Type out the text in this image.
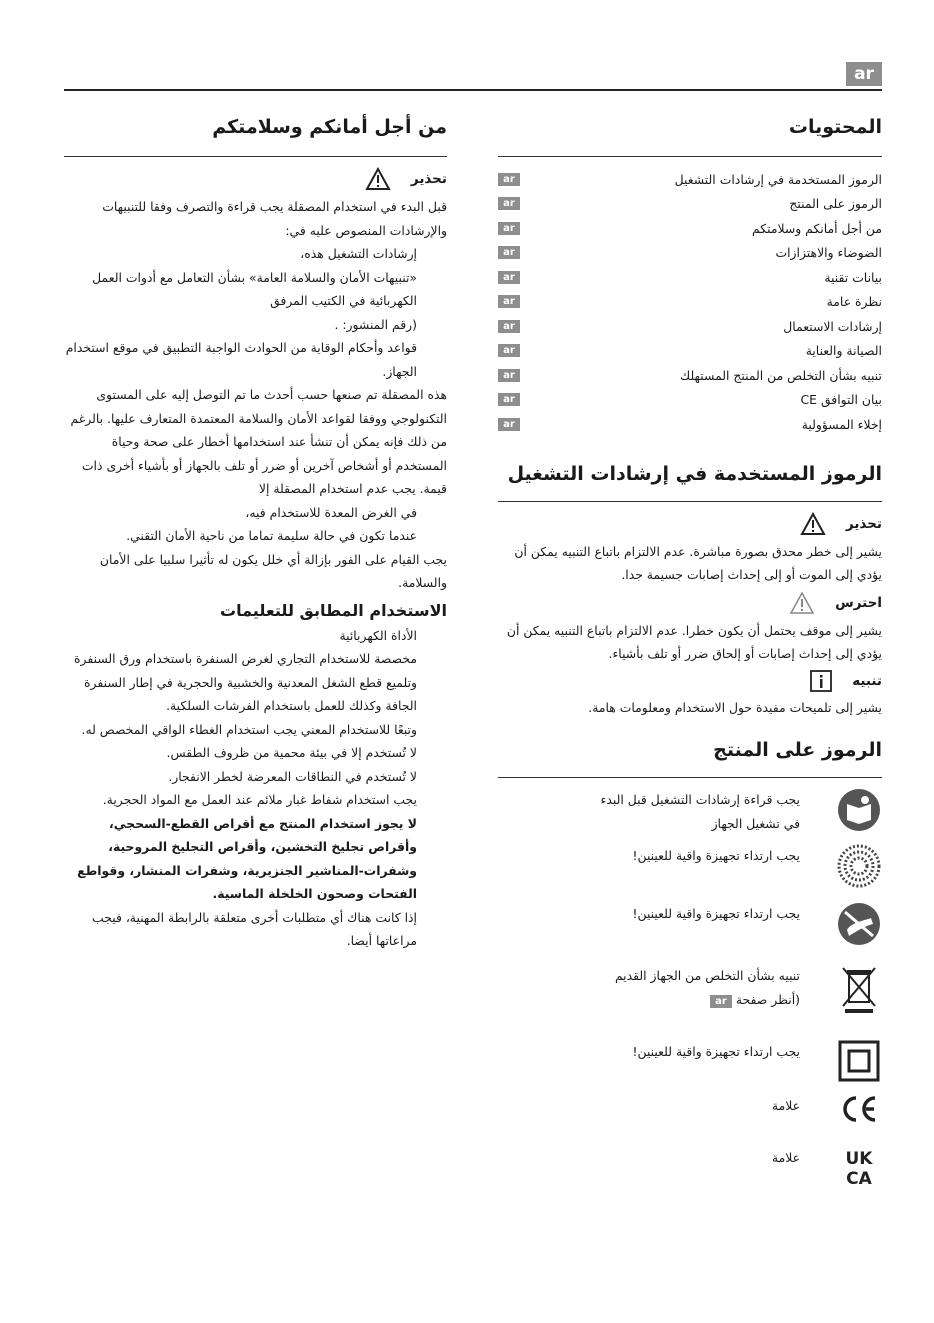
ar
المحتويات
الرموز المستخدمة في إرشادات التشغيل
ar
الرموز على المنتج
ar
من أجل أمانكم وسلامتكم
ar
الضوضاء والاهتزازات
ar
بيانات تقنية
ar
نظرة عامة
ar
إرشادات الاستعمال
ar
الصيانة والعناية
ar
تنبيه بشأن التخلص من المنتج المستهلك
ar
بيان التوافق CE
ar
إخلاء المسؤولية
ar
الرموز المستخدمة في إرشادات التشغيل
تحذير

يشير إلى خطر محدق بصورة مباشرة. عدم الالتزام باتباع التنبيه يمكن أن يؤدي إلى الموت أو إلى إحداث إصابات جسيمة جدا.

احترس

يشير إلى موقف يحتمل أن يكون خطرا. عدم الالتزام باتباع التنبيه يمكن أن يؤدي إلى إحداث إصابات أو إلحاق ضرر أو تلف بأشياء.

تنبيه

يشير إلى تلميحات مفيدة حول الاستخدام ومعلومات هامة.

الرموز على المنتج

يجب قراءة إرشادات التشغيل قبل البدء

في تشغيل الجهاز

يجب ارتداء تجهيزة واقية للعينين!

يجب ارتداء تجهيزة واقية للعينين!

تنبيه بشأن التخلص من الجهاز القديم

(أنظر صفحة ar

يجب ارتداء تجهيزة واقية للعينين!

علامة

UK
CA

علامة

من أجل أمانكم وسلامتكم
تحذير

قبل البدء في استخدام المصقلة يجب قراءة والتصرف وفقا للتنبيهات والإرشادات المنصوص عليه في:

إرشادات التشغيل هذه،

«تنبيهات الأمان والسلامة العامة» بشأن التعامل مع أدوات العمل الكهربائية في الكتيب المرفق

(رقم المنشور: .

قواعد وأحكام الوقاية من الحوادث الواجبة التطبيق في موقع استخدام الجهاز.

هذه المصقلة تم صنعها حسب أحدث ما تم التوصل إليه على المستوى التكنولوجي ووفقا لقواعد الأمان والسلامة المعتمدة المتعارف عليها. بالرغم من ذلك فإنه يمكن أن تنشأ عند استخدامها أخطار على صحة وحياة المستخدم أو أشخاص آخرين أو ضرر أو تلف بالجهاز أو بأشياء أخرى ذات قيمة. يجب عدم استخدام المصقلة إلا

في الغرض المعدة للاستخدام فيه،

عندما تكون في حالة سليمة تماما من ناحية الأمان التقني.

يجب القيام على الفور بإزالة أي خلل يكون له تأثيرا سلبيا على الأمان والسلامة.

الاستخدام المطابق للتعليمات

الأداة الكهربائية

مخصصة للاستخدام التجاري لغرض السنفرة باستخدام ورق السنفرة وتلميع قطع الشغل المعدنية والخشبية والحجرية في إطار السنفرة الجافة وكذلك للعمل باستخدام الفرشات السلكية.

وتبعًا للاستخدام المعني يجب استخدام الغطاء الواقي المخصص له.

لا تُستخدم إلا في بيئة محمية من ظروف الطقس.

لا تُستخدم في النطاقات المعرضة لخطر الانفجار.

يجب استخدام شفاط غبار ملائم عند العمل مع المواد الحجرية.

لا يجوز استخدام المنتج مع أقراص القطع-السحجي، وأقراص تجليخ التخشين، وأقراص التجليخ المروحية، وشفرات-المناشير الجنزيرية، وشفرات المنشار، وقواطع الفتحات وصحون الخلخلة الماسية.

إذا كانت هناك أي متطلبات أخرى متعلقة بالرابطة المهنية، فيجب مراعاتها أيضا.
